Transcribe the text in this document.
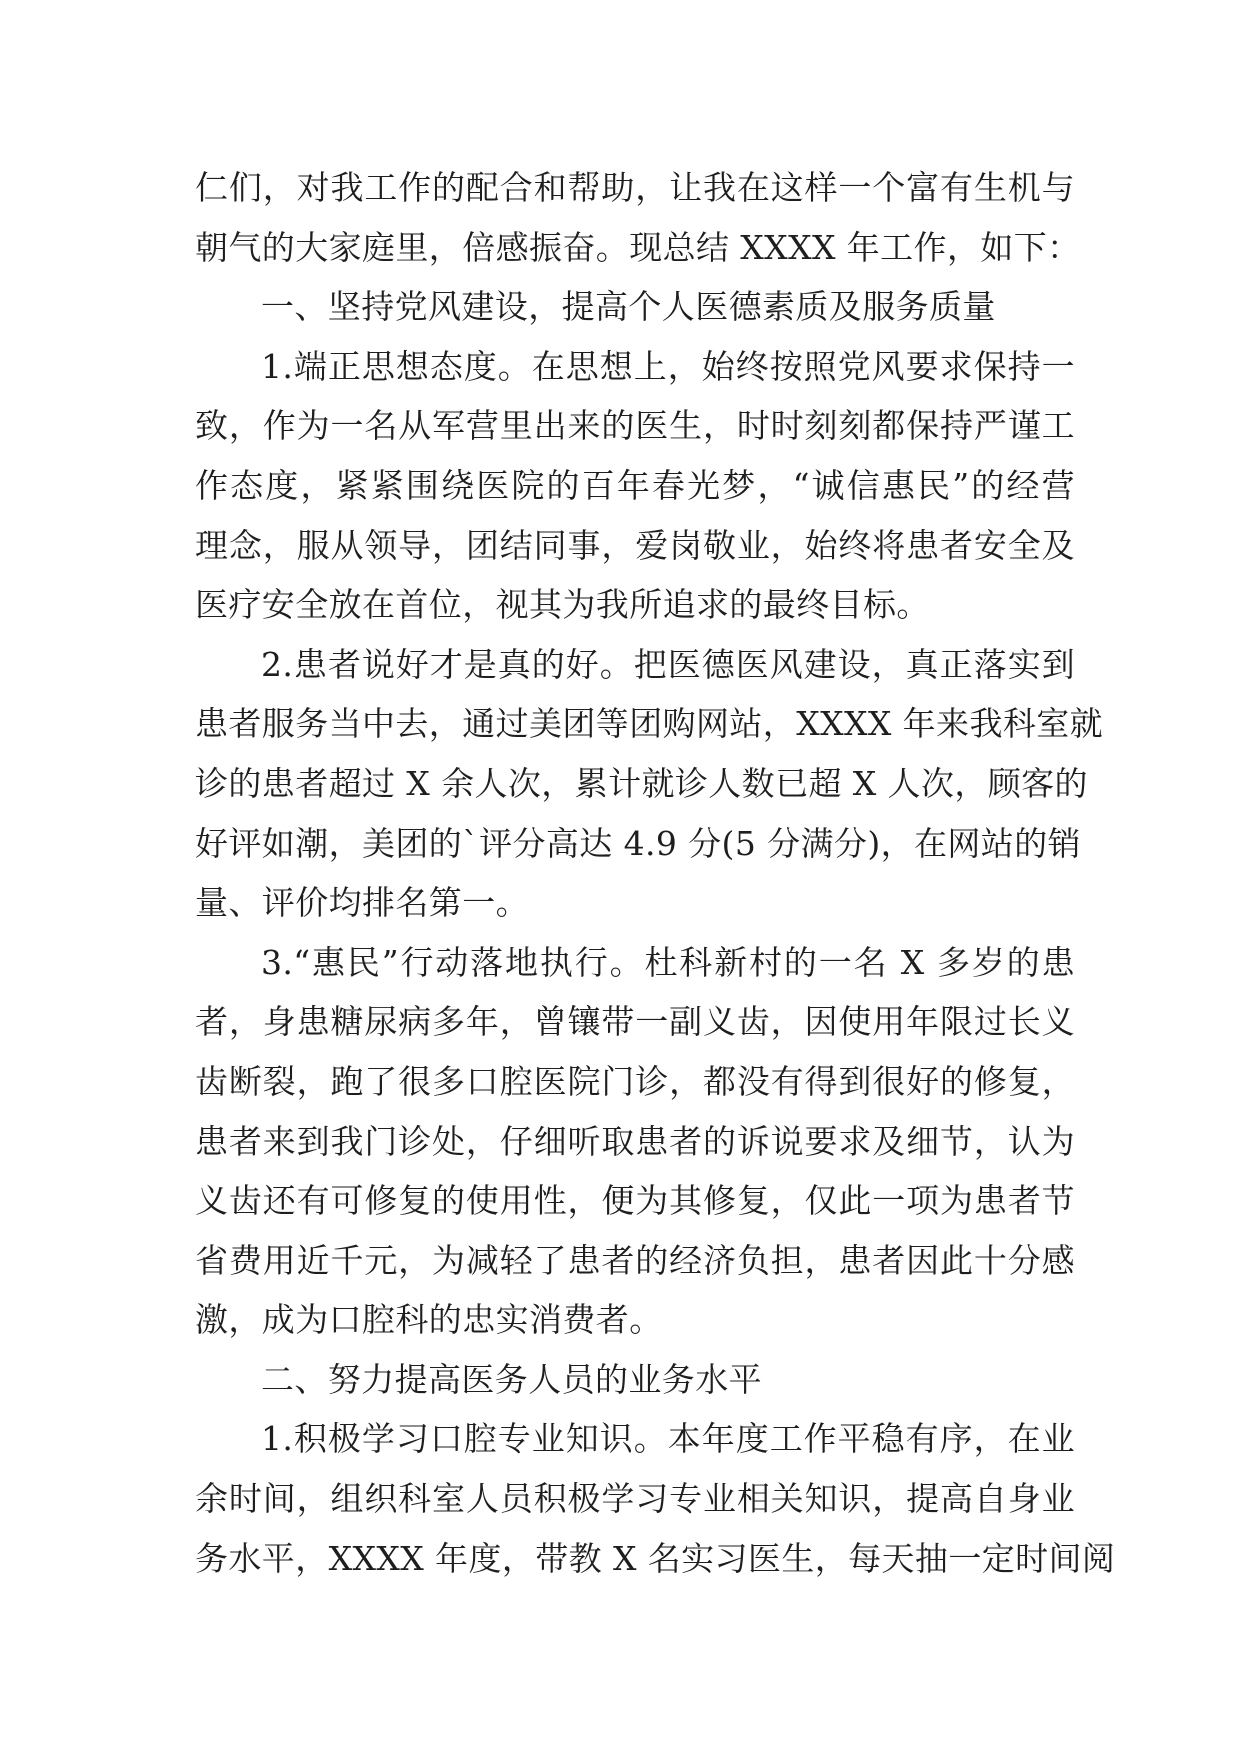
仁们，对我工作的配合和帮助，让我在这样一个富有生机与
朝气的大家庭里，倍感振奋。现总结 XXXX 年工作，如下：
一、坚持党风建设，提高个人医德素质及服务质量
1.端正思想态度。在思想上，始终按照党风要求保持一
致，作为一名从军营里出来的医生，时时刻刻都保持严谨工
作态度，紧紧围绕医院的百年春光梦，“诚信惠民”的经营
理念，服从领导，团结同事，爱岗敬业，始终将患者安全及
医疗安全放在首位，视其为我所追求的最终目标。
2.患者说好才是真的好。把医德医风建设，真正落实到
患者服务当中去，通过美团等团购网站，XXXX 年来我科室就
诊的患者超过 X 余人次，累计就诊人数已超 X 人次，顾客的
好评如潮，美团的`评分高达 4.9 分(5 分满分)，在网站的销
量、评价均排名第一。
3.“惠民”行动落地执行。杜科新村的一名 X 多岁的患
者，身患糖尿病多年，曾镶带一副义齿，因使用年限过长义
齿断裂，跑了很多口腔医院门诊，都没有得到很好的修复，
患者来到我门诊处，仔细听取患者的诉说要求及细节，认为
义齿还有可修复的使用性，便为其修复，仅此一项为患者节
省费用近千元，为减轻了患者的经济负担，患者因此十分感
激，成为口腔科的忠实消费者。
二、努力提高医务人员的业务水平
1.积极学习口腔专业知识。本年度工作平稳有序，在业
余时间，组织科室人员积极学习专业相关知识，提高自身业
务水平，XXXX 年度，带教 X 名实习医生，每天抽一定时间阅
